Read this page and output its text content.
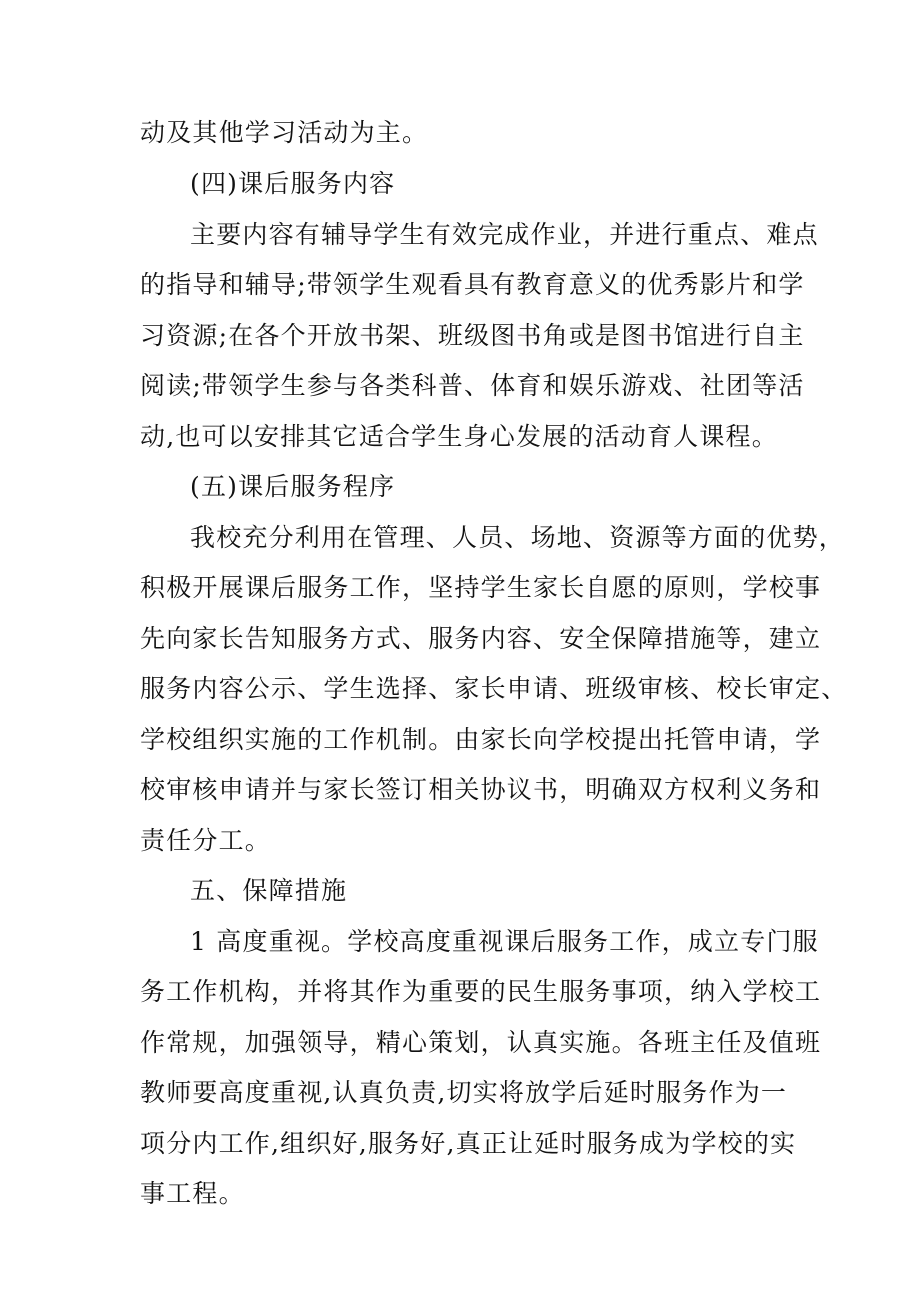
动及其他学习活动为主。
(四)课后服务内容
主要内容有辅导学生有效完成作业，并进行重点、难点
的指导和辅导;带领学生观看具有教育意义的优秀影片和学
习资源;在各个开放书架、班级图书角或是图书馆进行自主
阅读;带领学生参与各类科普、体育和娱乐游戏、社团等活
动,也可以安排其它适合学生身心发展的活动育人课程。
(五)课后服务程序
我校充分利用在管理、人员、场地、资源等方面的优势，
积极开展课后服务工作，坚持学生家长自愿的原则，学校事
先向家长告知服务方式、服务内容、安全保障措施等，建立
服务内容公示、学生选择、家长申请、班级审核、校长审定、
学校组织实施的工作机制。由家长向学校提出托管申请，学
校审核申请并与家长签订相关协议书，明确双方权利义务和
责任分工。
五、保障措施
1 高度重视。学校高度重视课后服务工作，成立专门服
务工作机构，并将其作为重要的民生服务事项，纳入学校工
作常规，加强领导，精心策划，认真实施。各班主任及值班
教师要高度重视,认真负责,切实将放学后延时服务作为一
项分内工作,组织好,服务好,真正让延时服务成为学校的实
事工程。
